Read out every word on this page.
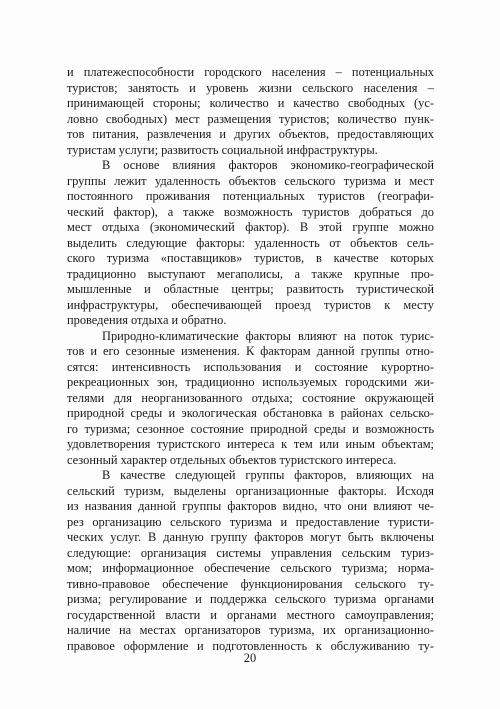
и платежеспособности городского населения – потенциальных
туристов; занятость и уровень жизни сельского населения –
принимающей стороны; количество и качество свободных (ус-
ловно свободных) мест размещения туристов; количество пунк-
тов питания, развлечения и других объектов, предоставляющих
туристам услуги; развитость социальной инфраструктуры.
В основе влияния факторов экономико-географической
группы лежит удаленность объектов сельского туризма и мест
постоянного проживания потенциальных туристов (географи-
ческий фактор), а также возможность туристов добраться до
мест отдыха (экономический фактор). В этой группе можно
выделить следующие факторы: удаленность от объектов сель-
ского туризма «поставщиков» туристов, в качестве которых
традиционно выступают мегаполисы, а также крупные про-
мышленные и областные центры; развитость туристической
инфраструктуры, обеспечивающей проезд туристов к месту
проведения отдыха и обратно.
Природно-климатические факторы влияют на поток турис-
тов и его сезонные изменения. К факторам данной группы отно-
сятся: интенсивность использования и состояние курортно-
рекреационных зон, традиционно используемых городскими жи-
телями для неорганизованного отдыха; состояние окружающей
природной среды и экологическая обстановка в районах сельско-
го туризма; сезонное состояние природной среды и возможность
удовлетворения туристского интереса к тем или иным объектам;
сезонный характер отдельных объектов туристского интереса.
В качестве следующей группы факторов, влияющих на
сельский туризм, выделены организационные факторы. Исходя
из названия данной группы факторов видно, что они влияют че-
рез организацию сельского туризма и предоставление туристи-
ческих услуг. В данную группу факторов могут быть включены
следующие: организация системы управления сельским туриз-
мом; информационное обеспечение сельского туризма; норма-
тивно-правовое обеспечение функционирования сельского ту-
ризма; регулирование и поддержка сельского туризма органами
государственной власти и органами местного самоуправления;
наличие на местах организаторов туризма, их организационно-
правовое оформление и подготовленность к обслуживанию ту-
20
